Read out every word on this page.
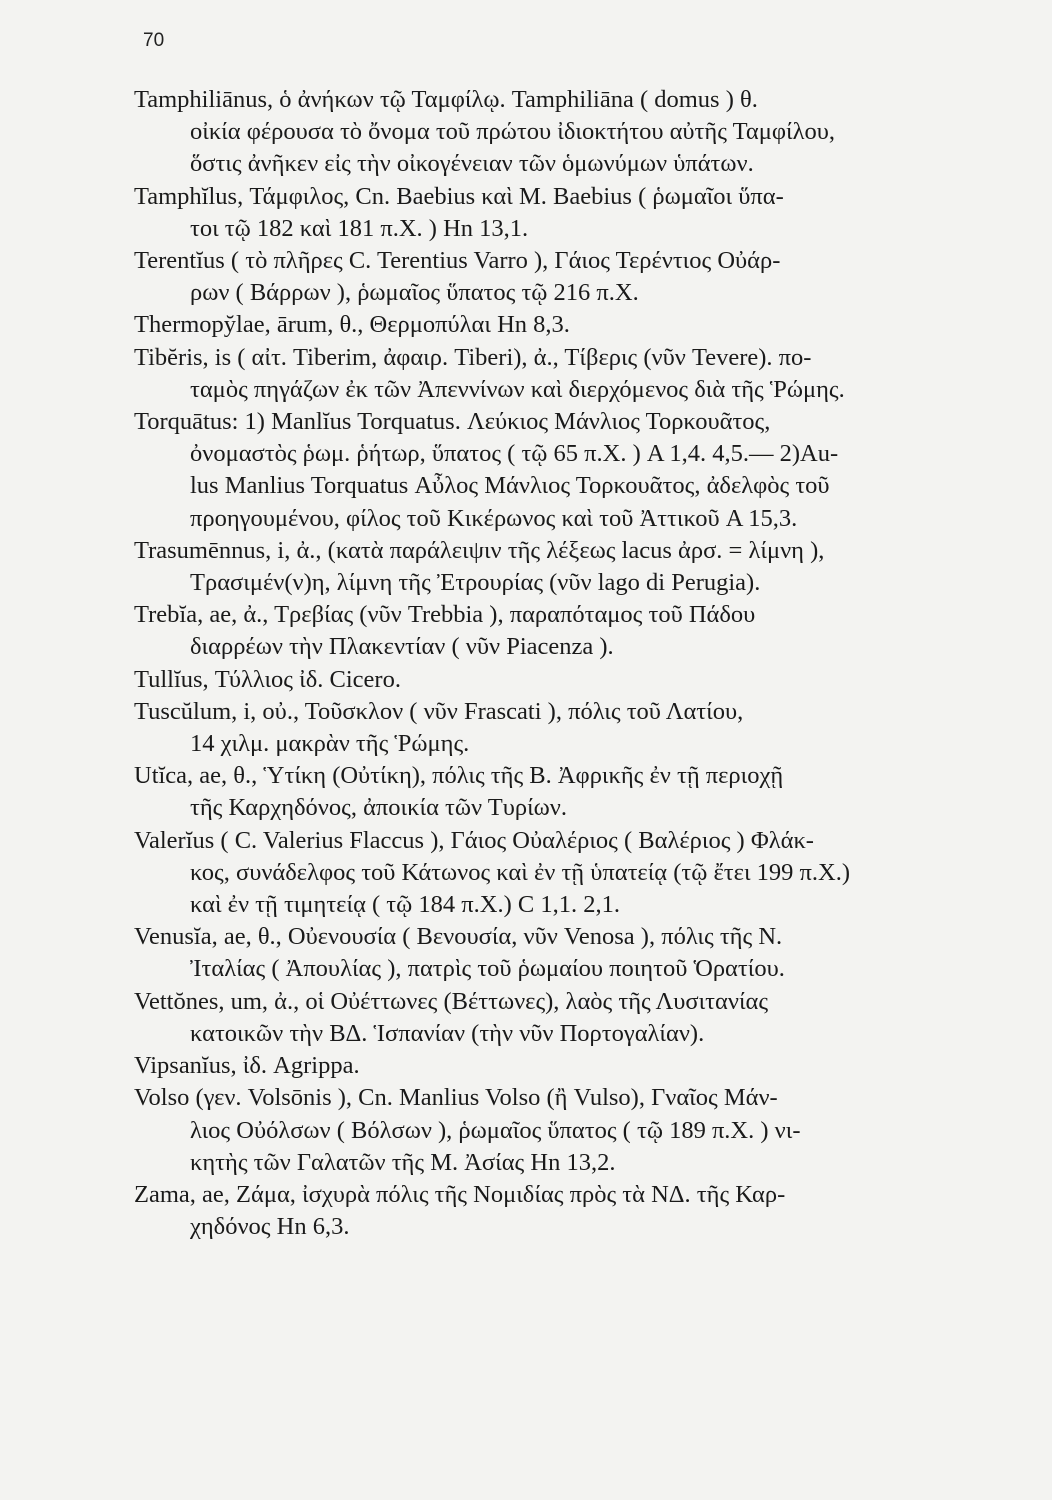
70
Tamphiliānus, ὁ ἀνήκων τῷ Ταμφίλῳ. Tamphiliāna ( domus ) θ.
οἰκία φέρουσα τὸ ὄνομα τοῦ πρώτου ἰδιοκτήτου αὐτῆς Ταμφίλου,
ὅστις ἀνῆκεν εἰς τὴν οἰκογένειαν τῶν ὁμωνύμων ὑπάτων.
Tamphĭlus, Τάμφιλος, Cn. Baebius καὶ M. Baebius ( ῥωμαῖοι ὕπα-
τοι τῷ 182 καὶ 181 π.Χ. ) Hn 13,1.
Terentĭus ( τὸ πλῆρες C. Terentius Varro ), Γάιος Τερέντιος Οὐάρ-
ρων ( Βάρρων ), ῥωμαῖος ὕπατος τῷ 216 π.Χ.
Thermopy̆lae, ārum, θ., Θερμοπύλαι Hn 8,3.
Tibĕris, is ( αἰτ. Tiberim, ἀφαιρ. Tiberi), ἀ., Τίβερις (νῦν Tevere). πο-
ταμὸς πηγάζων ἐκ τῶν Ἀπεννίνων καὶ διερχόμενος διὰ τῆς Ῥώμης.
Torquātus: 1) Manlĭus Torquatus. Λεύκιος Μάνλιος Τορκουᾶτος,
ὀνομαστὸς ῥωμ. ῥήτωρ, ὕπατος ( τῷ 65 π.Χ. ) A 1,4. 4,5.— 2)Au-
lus Manlius Torquatus Αὖλος Μάνλιος Τορκουᾶτος, ἀδελφὸς τοῦ
προηγουμένου, φίλος τοῦ Κικέρωνος καὶ τοῦ Ἀττικοῦ A 15,3.
Trasumēnnus, i, ἀ., (κατὰ παράλειψιν τῆς λέξεως lacus ἀρσ. = λίμνη ),
Τρασιμέν(ν)η, λίμνη τῆς Ἐτρουρίας (νῦν lago di Perugia).
Trebĭa, ae, ἀ., Τρεβίας (νῦν Trebbia ), παραπόταμος τοῦ Πάδου
διαρρέων τὴν Πλακεντίαν ( νῦν Piacenza ).
Tullĭus, Τύλλιος ἰδ. Cicero.
Tuscŭlum, i, οὐ., Τοῦσκλον ( νῦν Frascati ), πόλις τοῦ Λατίου,
14 χιλμ. μακρὰν τῆς Ῥώμης.
Utĭca, ae, θ., Ὑτίκη (Οὐτίκη), πόλις τῆς Β. Ἀφρικῆς ἐν τῇ περιοχῇ
τῆς Καρχηδόνος, ἀποικία τῶν Τυρίων.
Valerĭus ( C. Valerius Flaccus ), Γάιος Οὐαλέριος ( Βαλέριος ) Φλάκ-
κος, συνάδελφος τοῦ Κάτωνος καὶ ἐν τῇ ὑπατείᾳ (τῷ ἔτει 199 π.Χ.)
καὶ ἐν τῇ τιμητείᾳ ( τῷ 184 π.Χ.) C 1,1. 2,1.
Venusĭa, ae, θ., Οὐενουσία ( Βενουσία, νῦν Venosa ), πόλις τῆς Ν.
Ἰταλίας ( Ἀπουλίας ), πατρὶς τοῦ ῥωμαίου ποιητοῦ Ὁρατίου.
Vettŏnes, um, ἀ., οἱ Οὐέττωνες (Βέττωνες), λαὸς τῆς Λυσιτανίας
κατοικῶν τὴν ΒΔ. Ἱσπανίαν (τὴν νῦν Πορτογαλίαν).
Vipsanĭus, ἰδ. Agrippa.
Volso (γεν. Volsōnis ), Cn. Manlius Volso (ἢ Vulso), Γναῖος Μάν-
λιος Οὐόλσων ( Βόλσων ), ῥωμαῖος ὕπατος ( τῷ 189 π.Χ. ) νι-
κητὴς τῶν Γαλατῶν τῆς Μ. Ἀσίας Hn 13,2.
Zama, ae, Ζάμα, ἰσχυρὰ πόλις τῆς Νομιδίας πρὸς τὰ ΝΔ. τῆς Καρ-
χηδόνος Hn 6,3.
